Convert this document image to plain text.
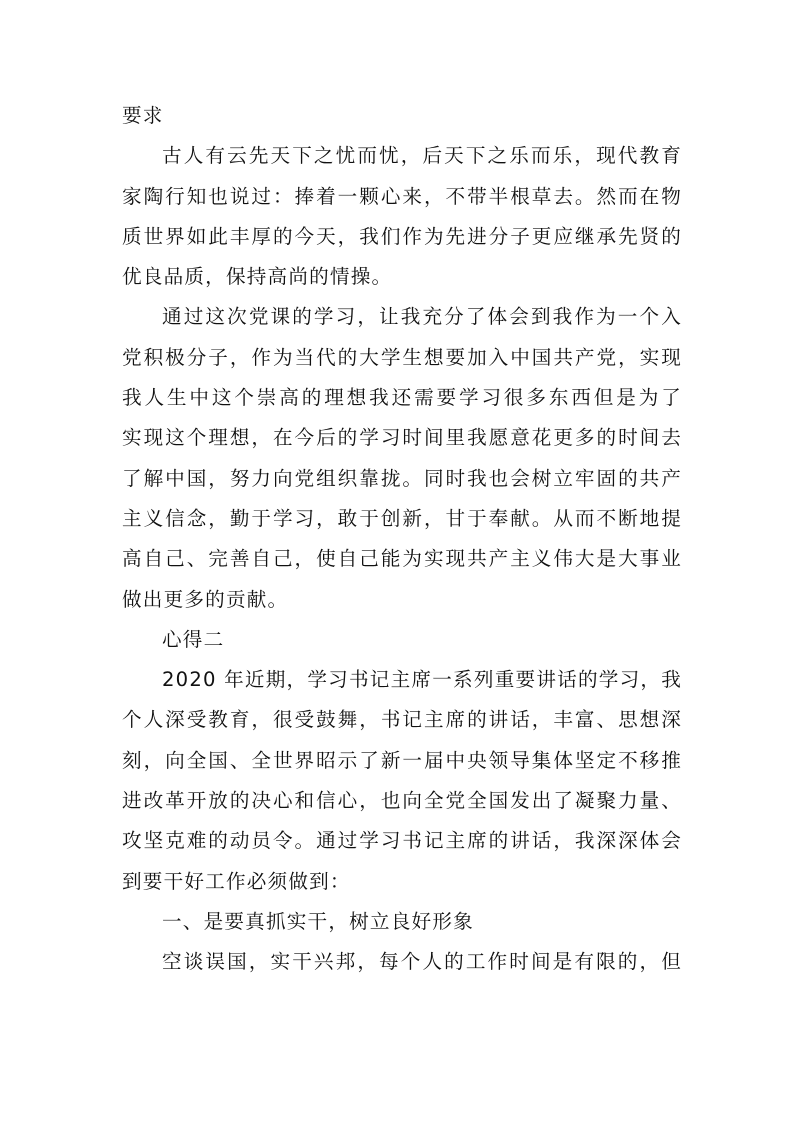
要求
古人有云先天下之忧而忧，后天下之乐而乐，现代教育
家陶行知也说过：捧着一颗心来，不带半根草去。然而在物
质世界如此丰厚的今天，我们作为先进分子更应继承先贤的
优良品质，保持高尚的情操。
通过这次党课的学习，让我充分了体会到我作为一个入
党积极分子，作为当代的大学生想要加入中国共产党，实现
我人生中这个崇高的理想我还需要学习很多东西但是为了
实现这个理想，在今后的学习时间里我愿意花更多的时间去
了解中国，努力向党组织靠拢。同时我也会树立牢固的共产
主义信念，勤于学习，敢于创新，甘于奉献。从而不断地提
高自己、完善自己，使自己能为实现共产主义伟大是大事业
做出更多的贡献。
心得二
2020 年近期，学习书记主席一系列重要讲话的学习，我
个人深受教育，很受鼓舞，书记主席的讲话，丰富、思想深
刻，向全国、全世界昭示了新一届中央领导集体坚定不移推
进改革开放的决心和信心，也向全党全国发出了凝聚力量、
攻坚克难的动员令。通过学习书记主席的讲话，我深深体会
到要干好工作必须做到：
一、是要真抓实干，树立良好形象
空谈误国，实干兴邦，每个人的工作时间是有限的，但
